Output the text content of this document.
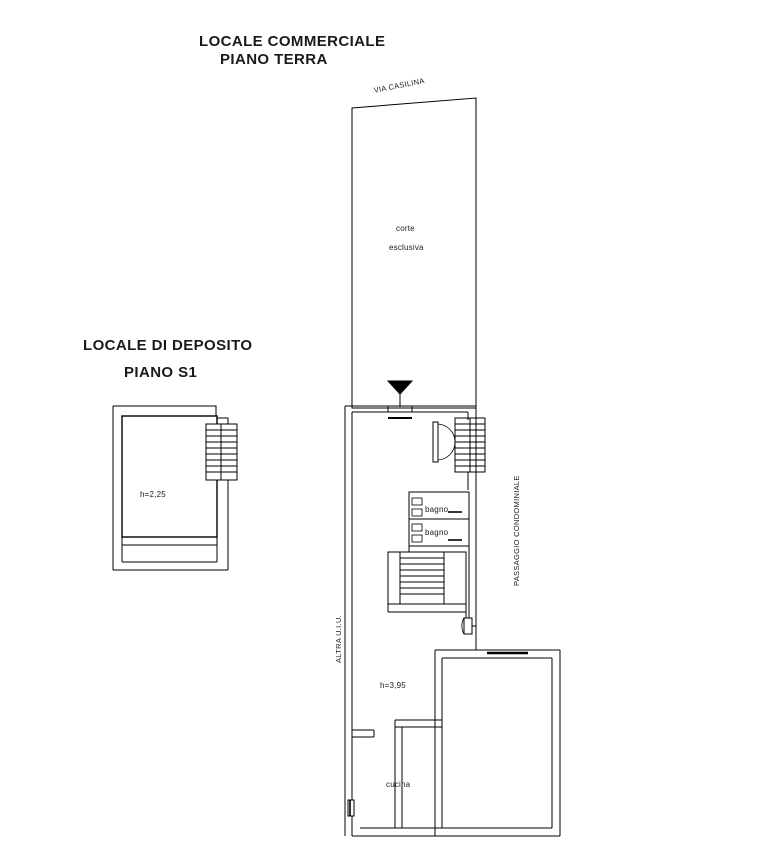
LOCALE COMMERCIALE
PIANO TERRA
LOCALE DI DEPOSITO
PIANO S1
VIA CASILINA
corte
esclusiva
PASSAGGIO CONDOMINIALE
ALTRA U.I.U.
bagno
bagno
cucina
h=2,25
h=3,95
